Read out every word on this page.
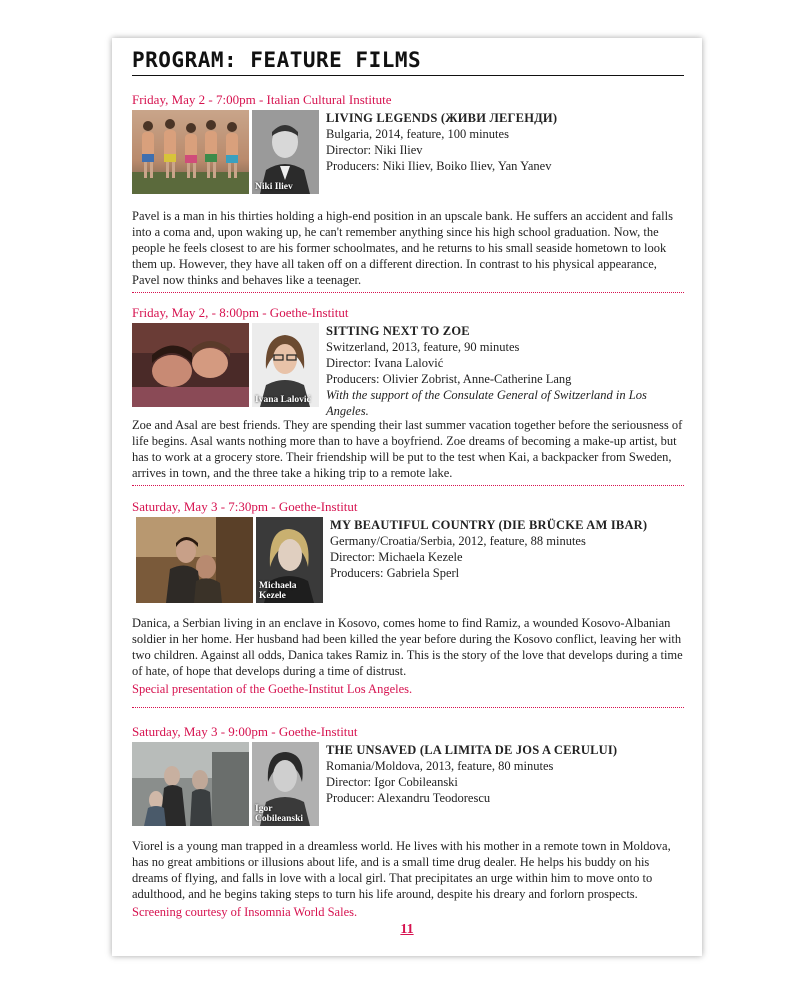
PROGRAM: FEATURE FILMS
Friday, May 2 - 7:00pm - Italian Cultural Institute
Niki Iliev
LIVING LEGENDS (ЖИВИ ЛЕГЕНДИ)
Bulgaria, 2014, feature, 100 minutes
Director: Niki Iliev
Producers: Niki Iliev, Boiko Iliev, Yan Yanev
Pavel is a man in his thirties holding a high-end position in an upscale bank. He suffers an accident and falls into a coma and, upon waking up, he can't remember anything since his high school graduation. Now, the people he feels closest to are his former schoolmates, and he returns to his small seaside hometown to look them up. However, they have all taken off on a different direction. In contrast to his physical appearance, Pavel now thinks and behaves like a teenager.
Friday, May 2, - 8:00pm - Goethe-Institut
Ivana Lalović
SITTING NEXT TO ZOE
Switzerland, 2013, feature, 90 minutes
Director: Ivana Lalović
Producers: Olivier Zobrist, Anne-Catherine Lang
With the support of the Consulate General of Switzerland in Los Angeles.
Zoe and Asal are best friends. They are spending their last summer vacation together before the seriousness of life begins. Asal wants nothing more than to have a boyfriend. Zoe dreams of becoming a make-up artist, but has to work at a grocery store. Their friendship will be put to the test when Kai, a backpacker from Sweden, arrives in town, and the three take a hiking trip to a remote lake.
Saturday, May 3 - 7:30pm - Goethe-Institut
Michaela Kezele
MY BEAUTIFUL COUNTRY (DIE BRÜCKE AM IBAR)
Germany/Croatia/Serbia, 2012, feature, 88 minutes
Director: Michaela Kezele
Producers: Gabriela Sperl
Danica, a Serbian living in an enclave in Kosovo, comes home to find Ramiz, a wounded Kosovo-Albanian soldier in her home. Her husband had been killed the year before during the Kosovo conflict, leaving her with two children. Against all odds, Danica takes Ramiz in. This is the story of the love that develops during a time of hate, of hope that develops during a time of distrust.
Special presentation of the Goethe-Institut Los Angeles.
Saturday, May 3 - 9:00pm - Goethe-Institut
Igor Cobileanski
THE UNSAVED (LA LIMITA DE JOS A CERULUI)
Romania/Moldova, 2013, feature, 80 minutes
Director: Igor Cobileanski
Producer: Alexandru Teodorescu
Viorel is a young man trapped in a dreamless world. He lives with his mother in a remote town in Moldova, has no great ambitions or illusions about life, and is a small time drug dealer. He helps his buddy on his dreams of flying, and falls in love with a local girl. That precipitates an urge within him to move onto to adulthood, and he begins taking steps to turn his life around, despite his dreary and forlorn prospects.
Screening courtesy of Insomnia World Sales.
11
